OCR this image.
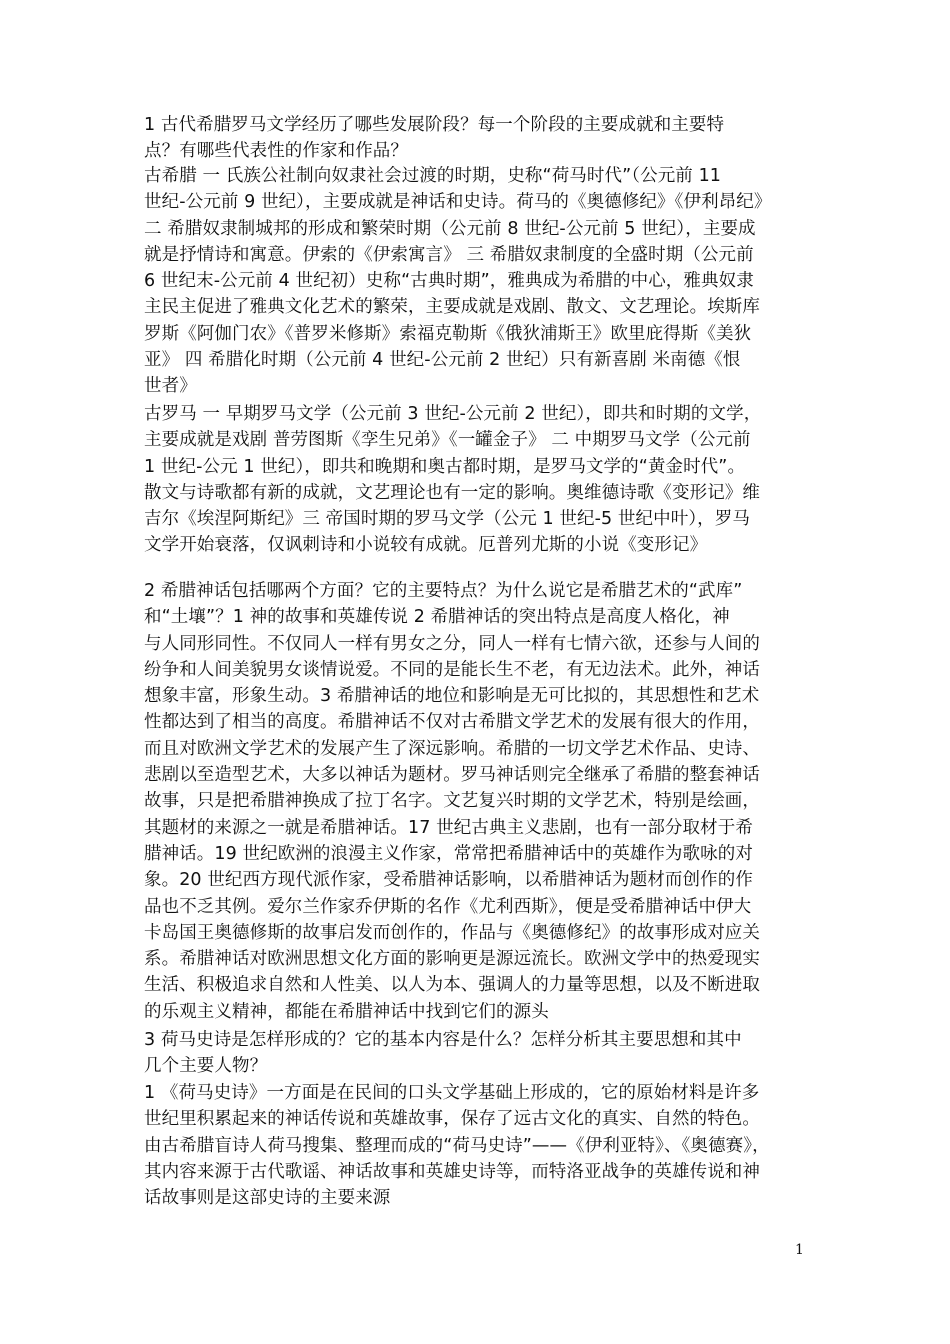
1 古代希腊罗马文学经历了哪些发展阶段？每一个阶段的主要成就和主要特
点？有哪些代表性的作家和作品？
古希腊 一 氏族公社制向奴隶社会过渡的时期，史称“荷马时代”（公元前 11
世纪-公元前 9 世纪），主要成就是神话和史诗。荷马的《奥德修纪》《伊利昂纪》
二 希腊奴隶制城邦的形成和繁荣时期（公元前 8 世纪-公元前 5 世纪），主要成
就是抒情诗和寓意。伊索的《伊索寓言》 三 希腊奴隶制度的全盛时期（公元前
6 世纪末-公元前 4 世纪初）史称“古典时期”，雅典成为希腊的中心，雅典奴隶
主民主促进了雅典文化艺术的繁荣，主要成就是戏剧、散文、文艺理论。埃斯库
罗斯《阿伽门农》《普罗米修斯》索福克勒斯《俄狄浦斯王》欧里庇得斯《美狄
亚》 四 希腊化时期（公元前 4 世纪-公元前 2 世纪）只有新喜剧 米南德《恨
世者》
古罗马 一 早期罗马文学（公元前 3 世纪-公元前 2 世纪），即共和时期的文学，
主要成就是戏剧 普劳图斯《孪生兄弟》《一罐金子》 二 中期罗马文学（公元前
1 世纪-公元 1 世纪），即共和晚期和奥古都时期，是罗马文学的“黄金时代”。
散文与诗歌都有新的成就，文艺理论也有一定的影响。奥维德诗歌《变形记》维
吉尔《埃涅阿斯纪》三 帝国时期的罗马文学（公元 1 世纪-5 世纪中叶），罗马
文学开始衰落，仅讽刺诗和小说较有成就。厄普列尤斯的小说《变形记》
2 希腊神话包括哪两个方面？它的主要特点？为什么说它是希腊艺术的“武库”
和“土壤”？1 神的故事和英雄传说 2 希腊神话的突出特点是高度人格化，神
与人同形同性。不仅同人一样有男女之分，同人一样有七情六欲，还参与人间的
纷争和人间美貌男女谈情说爱。不同的是能长生不老，有无边法术。此外，神话
想象丰富，形象生动。3 希腊神话的地位和影响是无可比拟的，其思想性和艺术
性都达到了相当的高度。希腊神话不仅对古希腊文学艺术的发展有很大的作用，
而且对欧洲文学艺术的发展产生了深远影响。希腊的一切文学艺术作品、史诗、
悲剧以至造型艺术，大多以神话为题材。罗马神话则完全继承了希腊的整套神话
故事，只是把希腊神换成了拉丁名字。文艺复兴时期的文学艺术，特别是绘画，
其题材的来源之一就是希腊神话。17 世纪古典主义悲剧，也有一部分取材于希
腊神话。19 世纪欧洲的浪漫主义作家，常常把希腊神话中的英雄作为歌咏的对
象。20 世纪西方现代派作家，受希腊神话影响，以希腊神话为题材而创作的作
品也不乏其例。爱尔兰作家乔伊斯的名作《尤利西斯》，便是受希腊神话中伊大
卡岛国王奥德修斯的故事启发而创作的，作品与《奥德修纪》的故事形成对应关
系。希腊神话对欧洲思想文化方面的影响更是源远流长。欧洲文学中的热爱现实
生活、积极追求自然和人性美、以人为本、强调人的力量等思想，以及不断进取
的乐观主义精神，都能在希腊神话中找到它们的源头
3 荷马史诗是怎样形成的？它的基本内容是什么？怎样分析其主要思想和其中
几个主要人物？
1 《荷马史诗》一方面是在民间的口头文学基础上形成的，它的原始材料是许多
世纪里积累起来的神话传说和英雄故事，保存了远古文化的真实、自然的特色。
由古希腊盲诗人荷马搜集、整理而成的“荷马史诗”——《伊利亚特》、《奥德赛》，
其内容来源于古代歌谣、神话故事和英雄史诗等，而特洛亚战争的英雄传说和神
话故事则是这部史诗的主要来源
1
